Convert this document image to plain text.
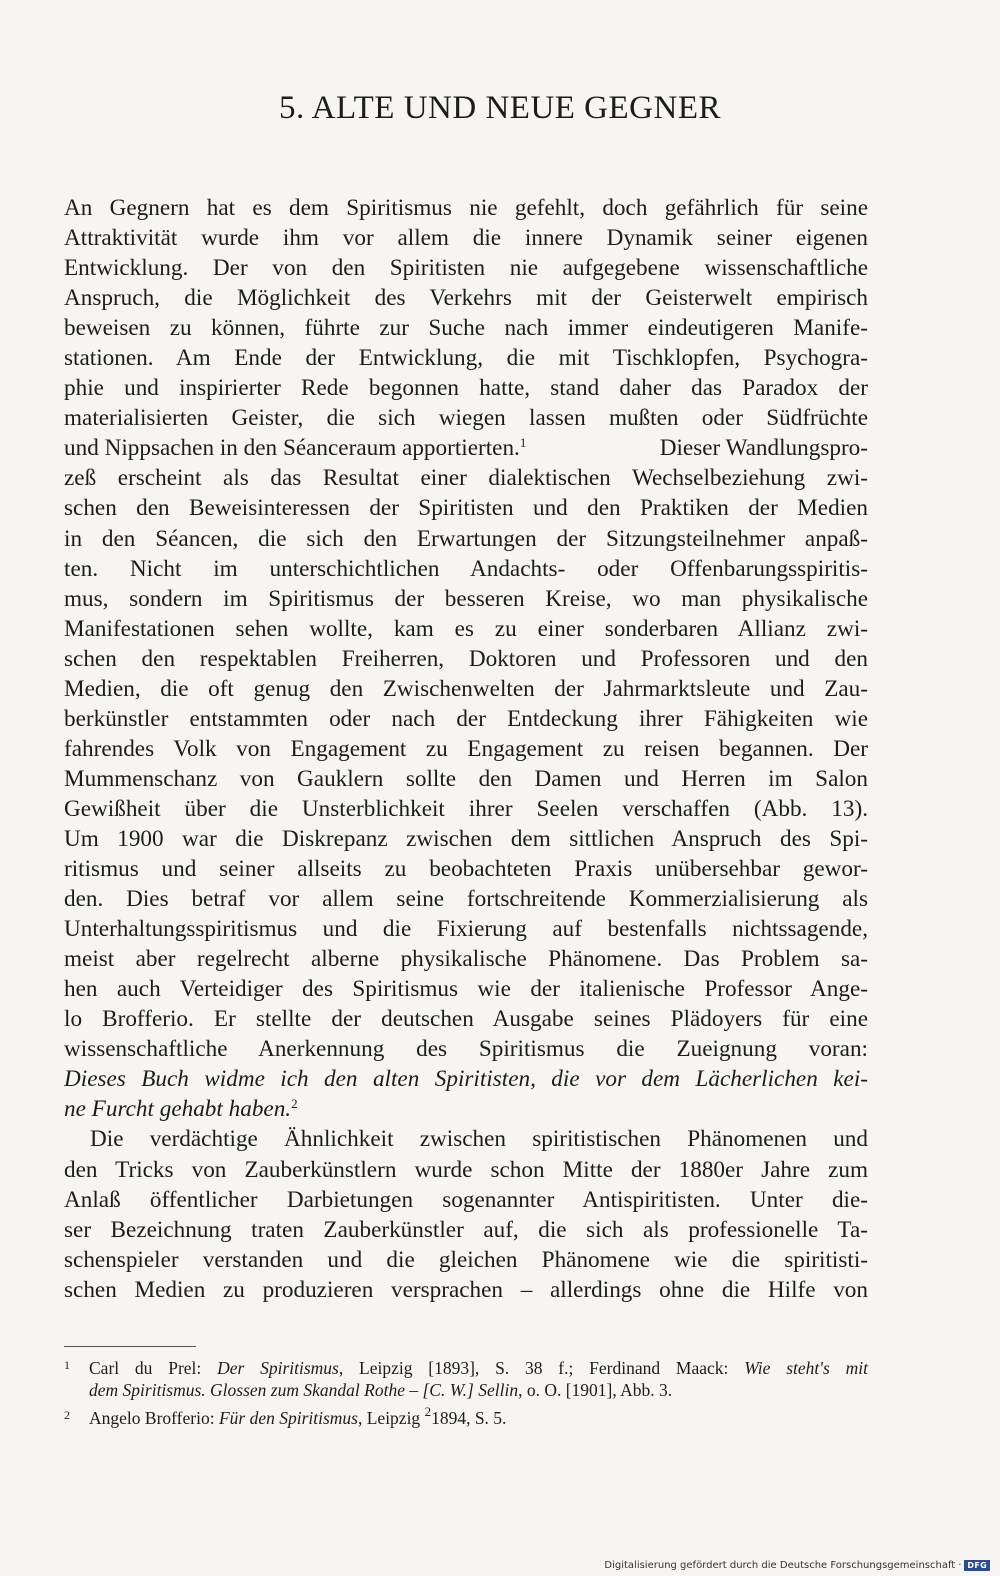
5. ALTE UND NEUE GEGNER
An Gegnern hat es dem Spiritismus nie gefehlt, doch gefährlich für seine
Attraktivität wurde ihm vor allem die innere Dynamik seiner eigenen
Entwicklung. Der von den Spiritisten nie aufgegebene wissenschaftliche
Anspruch, die Möglichkeit des Verkehrs mit der Geisterwelt empirisch
beweisen zu können, führte zur Suche nach immer eindeutigeren Manife-
stationen. Am Ende der Entwicklung, die mit Tischklopfen, Psychogra-
phie und inspirierter Rede begonnen hatte, stand daher das Paradox der
materialisierten Geister, die sich wiegen lassen mußten oder Südfrüchte
und Nippsachen in den Séanceraum apportierten.$^1$	Dieser Wandlungspro-
zeß erscheint als das Resultat einer dialektischen Wechselbeziehung zwi-
schen den Beweisinteressen der Spiritisten und den Praktiken der Medien
in den Séancen, die sich den Erwartungen der Sitzungsteilnehmer anpaß-
ten. Nicht im unterschichtlichen Andachts- oder Offenbarungsspiritis-
mus, sondern im Spiritismus der besseren Kreise, wo man physikalische
Manifestationen sehen wollte, kam es zu einer sonderbaren Allianz zwi-
schen den respektablen Freiherren, Doktoren und Professoren und den
Medien, die oft genug den Zwischenwelten der Jahrmarktsleute und Zau-
berkünstler entstammten oder nach der Entdeckung ihrer Fähigkeiten wie
fahrendes Volk von Engagement zu Engagement zu reisen begannen. Der
Mummenschanz von Gauklern sollte den Damen und Herren im Salon
Gewißheit über die Unsterblichkeit ihrer Seelen verschaffen (Abb. 13).
Um 1900 war die Diskrepanz zwischen dem sittlichen Anspruch des Spi-
ritismus und seiner allseits zu beobachteten Praxis unübersehbar gewor-
den. Dies betraf vor allem seine fortschreitende Kommerzialisierung als
Unterhaltungsspiritismus und die Fixierung auf bestenfalls nichtssagende,
meist aber regelrecht alberne physikalische Phänomene. Das Problem sa-
hen auch Verteidiger des Spiritismus wie der italienische Professor Ange-
lo Brofferio. Er stellte der deutschen Ausgabe seines Plädoyers für eine
wissenschaftliche Anerkennung des Spiritismus die Zueignung voran:
Dieses Buch widme ich den alten Spiritisten, die vor dem Lächerlichen kei-
ne Furcht gehabt haben.$^2$
Die verdächtige Ähnlichkeit zwischen spiritistischen Phänomenen und
den Tricks von Zauberkünstlern wurde schon Mitte der 1880er Jahre zum
Anlaß öffentlicher Darbietungen sogenannter Antispiritisten. Unter die-
ser Bezeichnung traten Zauberkünstler auf, die sich als professionelle Ta-
schenspieler verstanden und die gleichen Phänomene wie die spiritisti-
schen Medien zu produzieren versprachen – allerdings ohne die Hilfe von
1 Carl du Prel: Der Spiritismus, Leipzig [1893], S. 38 f.; Ferdinand Maack: Wie steht's mit
dem Spiritismus. Glossen zum Skandal Rothe – [C. W.] Sellin, o. O. [1901], Abb. 3.
2 Angelo Brofferio: Für den Spiritismus, Leipzig $^2$1894, S. 5.
Digitalisierung gefördert durch die Deutsche Forschungsgemeinschaft · DFG
